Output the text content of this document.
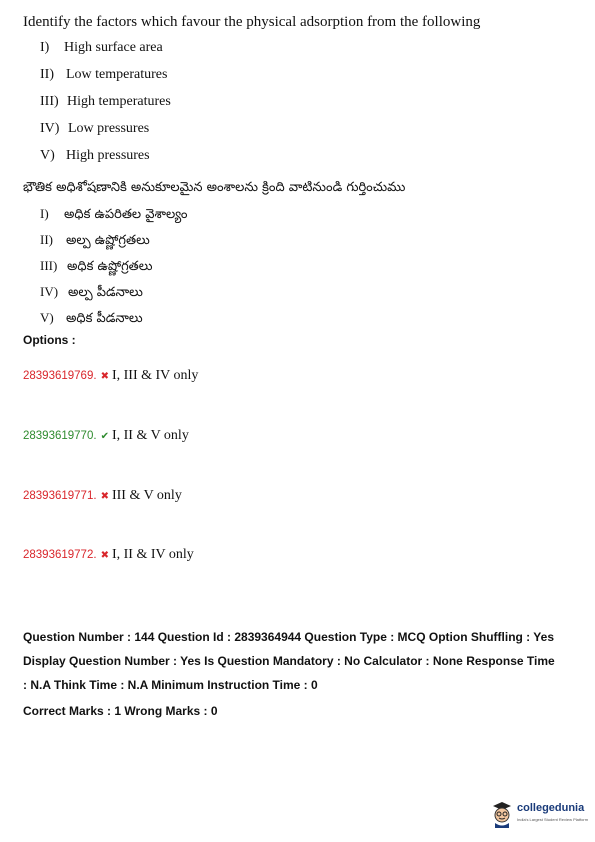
Identify the factors which favour the physical adsorption from the following
I) High surface area
II) Low temperatures
III) High temperatures
IV) Low pressures
V) High pressures
భౌతిక అధిశోషణానికి అనుకూలమైన అంశాలను క్రింది వాటినుండి గుర్తించుము
I) అధిక ఉపరితల వైశాల్యం
II) అల్ప ఉష్ణోగ్రతలు
III) అధిక ఉష్ణోగ్రతలు
IV) అల్ప పీడనాలు
V) అధిక పీడనాలు
Options :
28393619769. ✖ I, III & IV only
28393619770. ✔ I, II & V only
28393619771. ✖ III & V only
28393619772. ✖ I, II & IV only
Question Number : 144 Question Id : 2839364944 Question Type : MCQ Option Shuffling : Yes
Display Question Number : Yes Is Question Mandatory : No Calculator : None Response Time
: N.A Think Time : N.A Minimum Instruction Time : 0
Correct Marks : 1 Wrong Marks : 0
collegedunia
India's Largest Student Review Platform
